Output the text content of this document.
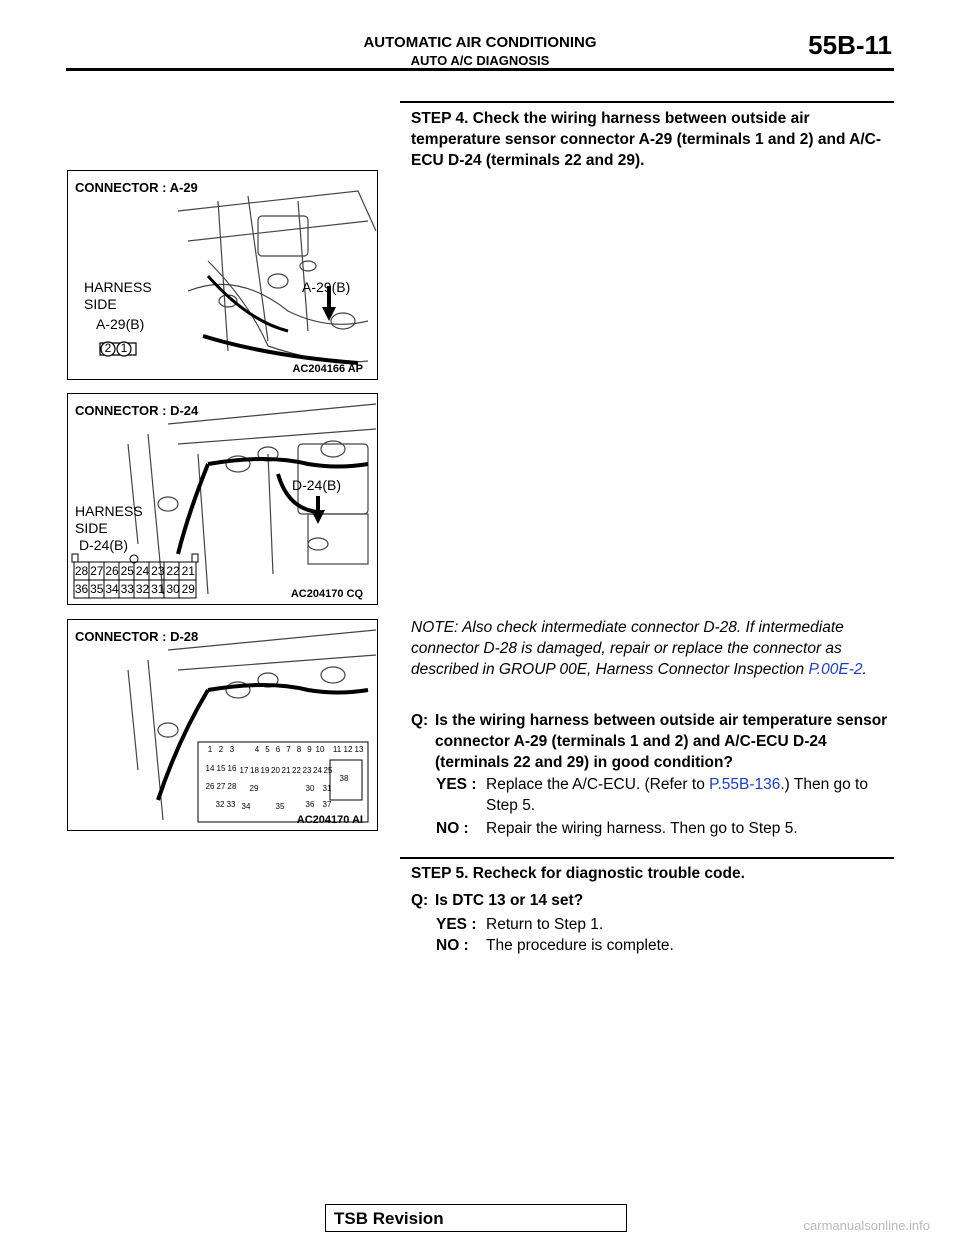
AUTOMATIC AIR CONDITIONING
AUTO A/C DIAGNOSIS
55B-11
CONNECTOR : A-29
HARNESS
SIDE
A-29(B)
A-29(B)
2 1
AC204166 AP
CONNECTOR : D-24
HARNESS
SIDE
D-24(B)
D-24(B)
28 27 26 25 24 23 22 21
36 35 34 33 32 31 30 29	AC204170 CQ
CONNECTOR : D-28
1 2 3	4 5 6 7 8 9 10 11 12 13
14 15 16 17 18 19 20 21 22 23 24 25
26 27 28 29	30 31
32 33 34	35	36 37
38
AC204170 AI
STEP 4. Check the wiring harness between outside air temperature sensor connector A-29 (terminals 1 and 2) and A/C-ECU D-24 (terminals 22 and 29).
NOTE: Also check intermediate connector D-28. If intermediate connector D-28 is damaged, repair or replace the connector as described in GROUP 00E, Harness Connector Inspection P.00E-2.
Q: Is the wiring harness between outside air temperature sensor connector A-29 (terminals 1 and 2) and A/C-ECU D-24 (terminals 22 and 29) in good condition?
YES : Replace the A/C-ECU. (Refer to P.55B-136.) Then go to Step 5.
NO :	Repair the wiring harness. Then go to Step 5.
STEP 5. Recheck for diagnostic trouble code.
Q: Is DTC 13 or 14 set?
YES : Return to Step 1.
NO :	The procedure is complete.
TSB Revision	carmanualsonline.info
